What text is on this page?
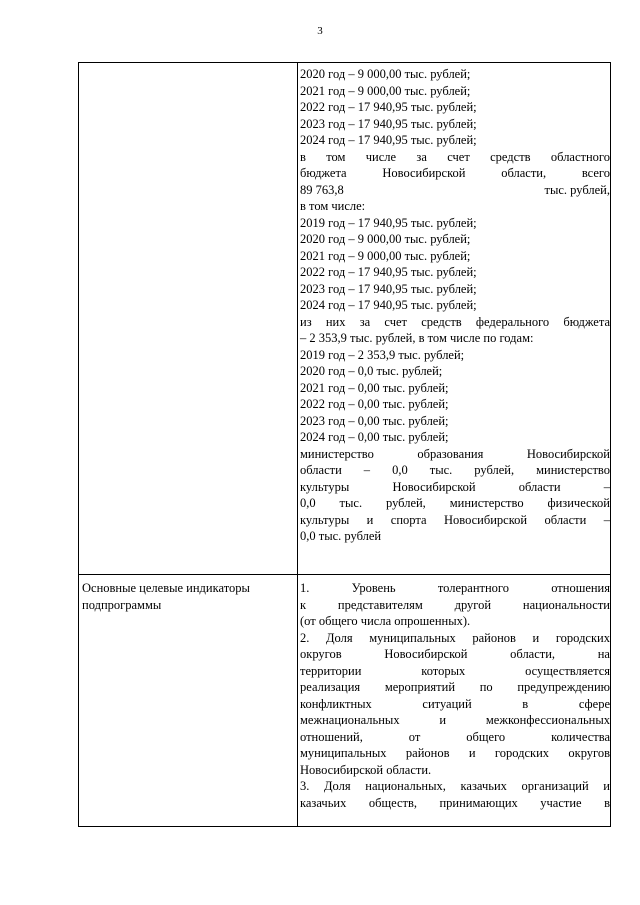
3
2020 год – 9 000,00 тыс. рублей;
2021 год – 9 000,00 тыс. рублей;
2022 год – 17 940,95 тыс. рублей;
2023 год – 17 940,95 тыс. рублей;
2024 год – 17 940,95 тыс. рублей;
в том числе за счет средств областного
бюджета Новосибирской области, всего
89 763,8	тыс. рублей,
в том числе:
2019 год – 17 940,95 тыс. рублей;
2020 год – 9 000,00 тыс. рублей;
2021 год – 9 000,00 тыс. рублей;
2022 год – 17 940,95 тыс. рублей;
2023 год – 17 940,95 тыс. рублей;
2024 год – 17 940,95 тыс. рублей;
из них за счет средств федерального бюджета
– 2 353,9 тыс. рублей, в том числе по годам:
2019 год – 2 353,9 тыс. рублей;
2020 год – 0,0 тыс. рублей;
2021 год – 0,00 тыс. рублей;
2022 год – 0,00 тыс. рублей;
2023 год – 0,00 тыс. рублей;
2024 год – 0,00 тыс. рублей;
министерство образования Новосибирской
области – 0,0 тыс. рублей, министерство
культуры Новосибирской области –
0,0 тыс. рублей, министерство физической
культуры и спорта Новосибирской области –
0,0 тыс. рублей
Основные целевые индикаторы
подпрограммы
1. Уровень толерантного отношения
к представителям другой национальности
(от общего числа опрошенных).
2. Доля муниципальных районов и городских
округов Новосибирской области, на
территории которых осуществляется
реализация мероприятий по предупреждению
конфликтных ситуаций в сфере
межнациональных и межконфессиональных
отношений, от общего количества
муниципальных районов и городских округов
Новосибирской области.
3. Доля национальных, казачьих организаций и
казачьих обществ, принимающих участие в
